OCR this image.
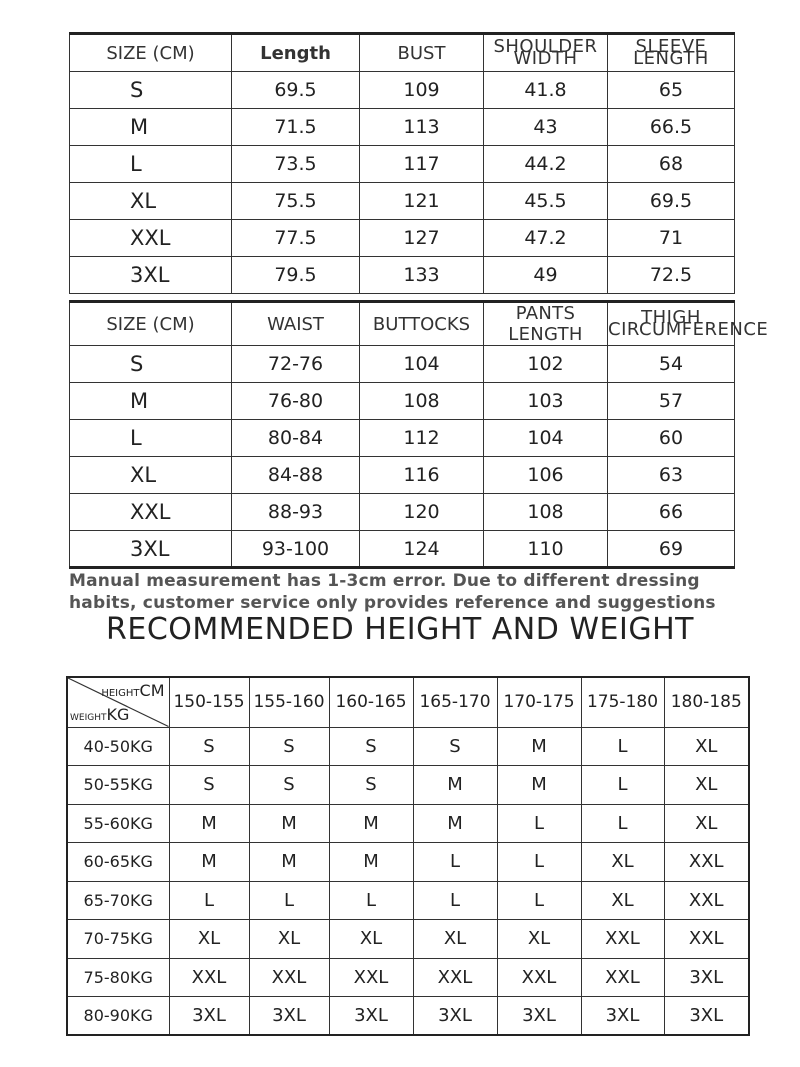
SIZE (CM)	Length	BUST	SHOULDER WIDTH	SLEEVE LENGTH
S	69.5	109	41.8	65
M	71.5	113	43	66.5
L	73.5	117	44.2	68
XL	75.5	121	45.5	69.5
XXL	77.5	127	47.2	71
3XL	79.5	133	49	72.5
SIZE (CM)	WAIST	BUTTOCKS	PANTS LENGTH	THIGH CIRCUMFERENCE
S	72-76	104	102	54
M	76-80	108	103	57
L	80-84	112	104	60
XL	84-88	116	106	63
XXL	88-93	120	108	66
3XL	93-100	124	110	69
Manual measurement has 1-3cm error. Due to different dressing
habits, customer service only provides reference and suggestions
RECOMMENDED HEIGHT AND WEIGHT
HEIGHTCM
WEIGHTKG	150-155	155-160	160-165	165-170	170-175	175-180	180-185
40-50KG	S	S	S	S	M	L	XL
50-55KG	S	S	S	M	M	L	XL
55-60KG	M	M	M	M	L	L	XL
60-65KG	M	M	M	L	L	XL	XXL
65-70KG	L	L	L	L	L	XL	XXL
70-75KG	XL	XL	XL	XL	XL	XXL	XXL
75-80KG	XXL	XXL	XXL	XXL	XXL	XXL	3XL
80-90KG	3XL	3XL	3XL	3XL	3XL	3XL	3XL
